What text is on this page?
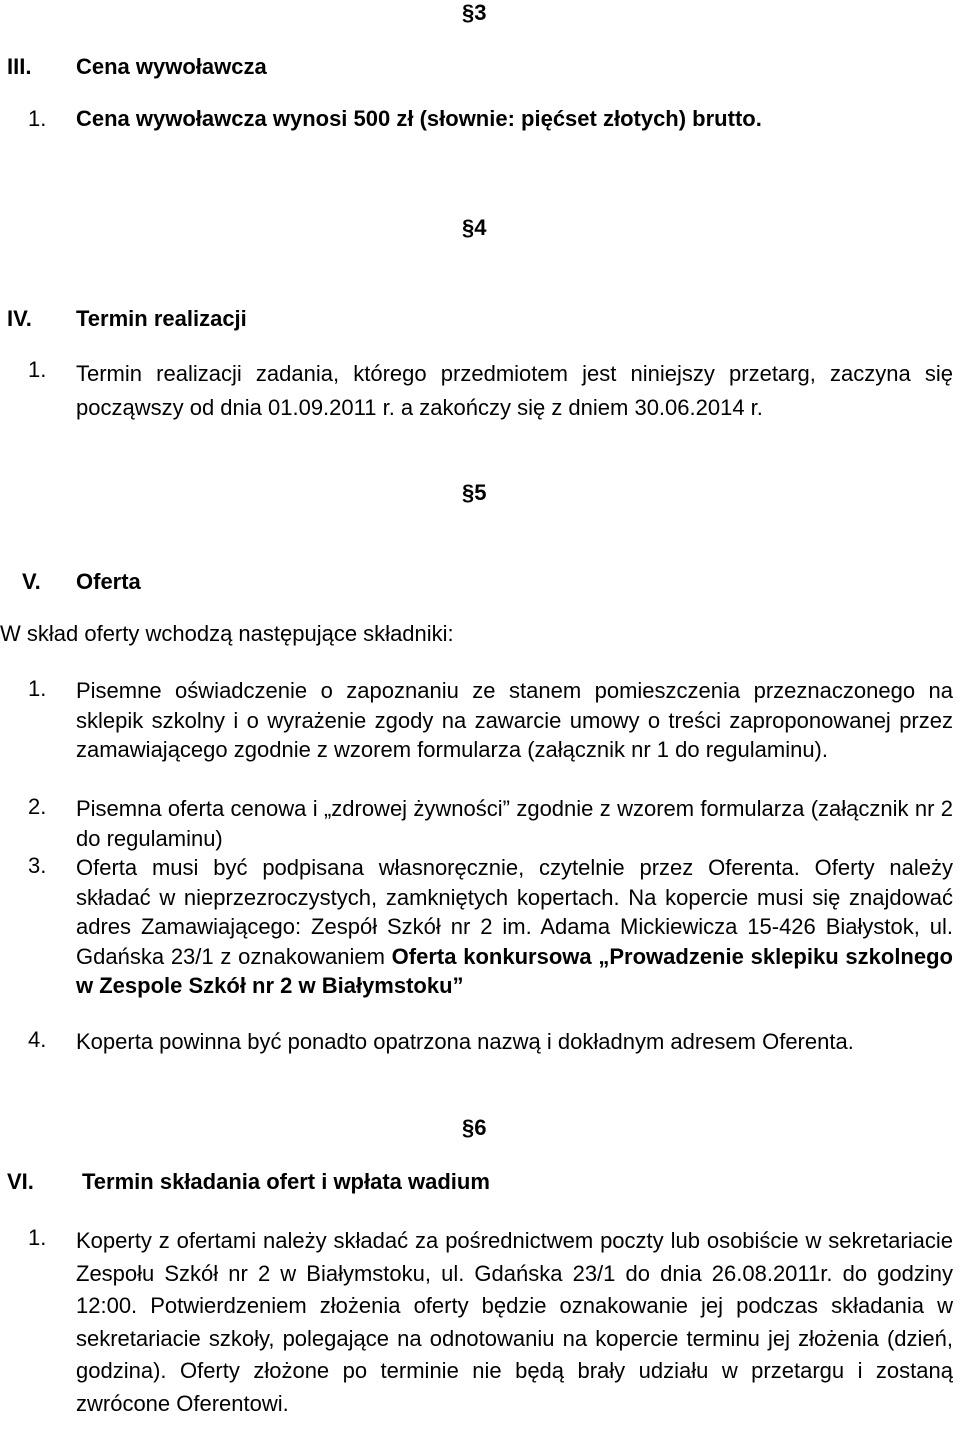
§3
III. Cena wywoławcza
1. Cena wywoławcza wynosi 500 zł (słownie: pięćset złotych) brutto.
§4
IV. Termin realizacji
1. Termin realizacji zadania, którego przedmiotem jest niniejszy przetarg, zaczyna się począwszy od dnia 01.09.2011 r. a zakończy się z dniem 30.06.2014 r.
§5
V. Oferta
W skład oferty wchodzą następujące składniki:
1. Pisemne oświadczenie o zapoznaniu ze stanem pomieszczenia przeznaczonego na sklepik szkolny i o wyrażenie zgody na zawarcie umowy o treści zaproponowanej przez zamawiającego zgodnie z wzorem formularza (załącznik nr 1 do regulaminu).
2. Pisemna oferta cenowa i „zdrowej żywności” zgodnie z wzorem formularza (załącznik nr 2 do regulaminu)
3. Oferta musi być podpisana własnoręcznie, czytelnie przez Oferenta. Oferty należy składać w nieprzezroczystych, zamkniętych kopertach. Na kopercie musi się znajdować adres Zamawiającego: Zespół Szkół nr 2 im. Adama Mickiewicza 15-426 Białystok, ul. Gdańska 23/1 z oznakowaniem Oferta konkursowa „Prowadzenie sklepiku szkolnego w Zespole Szkół nr 2 w Białymstoku”
4. Koperta powinna być ponadto opatrzona nazwą i dokładnym adresem Oferenta.
§6
VI. Termin składania ofert i wpłata wadium
1. Koperty z ofertami należy składać za pośrednictwem poczty lub osobiście w sekretariacie Zespołu Szkół nr 2 w Białymstoku, ul. Gdańska 23/1 do dnia 26.08.2011r. do godziny 12:00. Potwierdzeniem złożenia oferty będzie oznakowanie jej podczas składania w sekretariacie szkoły, polegające na odnotowaniu na kopercie terminu jej złożenia (dzień, godzina). Oferty złożone po terminie nie będą brały udziału w przetargu i zostaną zwrócone Oferentowi.
